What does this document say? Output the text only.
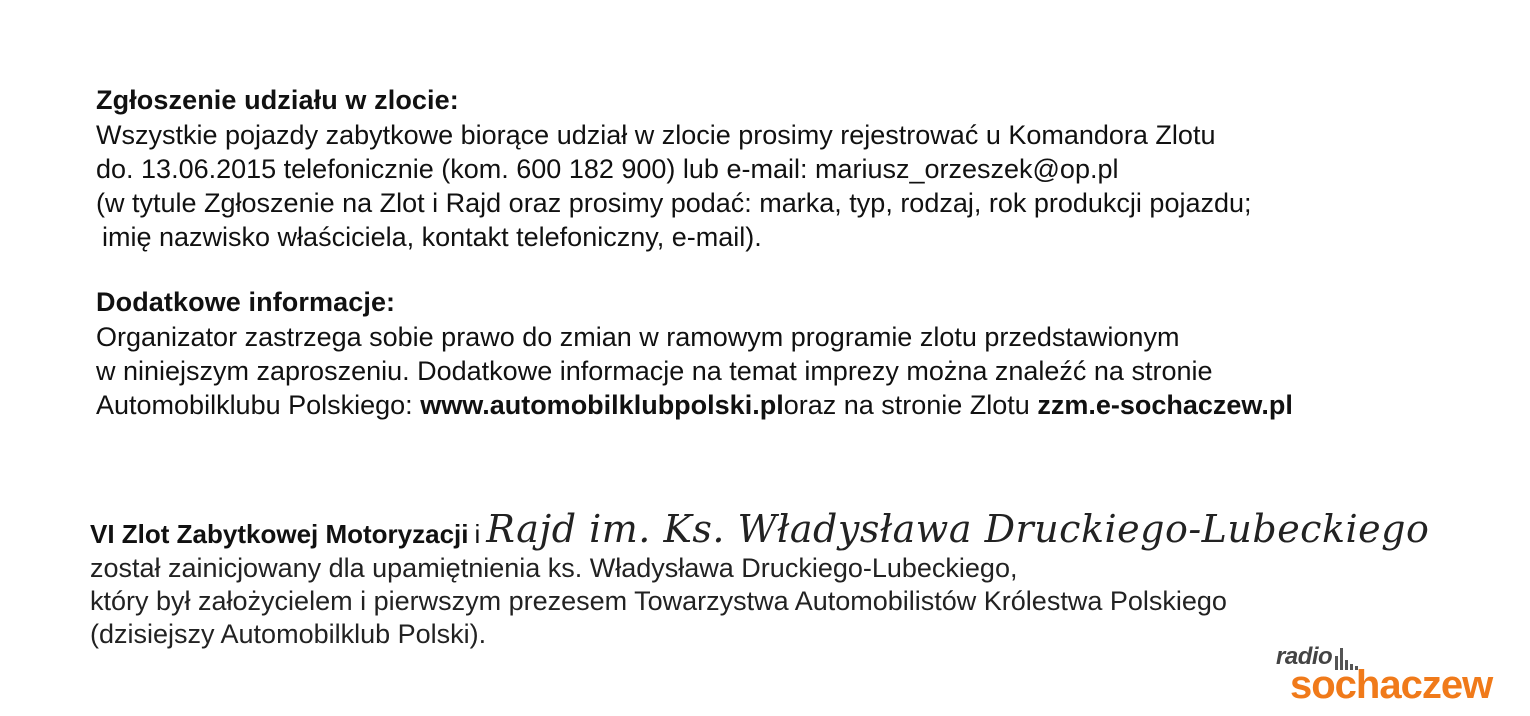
Zgłoszenie udziału w zlocie:

Wszystkie pojazdy zabytkowe biorące udział w zlocie prosimy rejestrować u Komandora Zlotu

do. 13.06.2015 telefonicznie (kom. 600 182 900) lub e-mail: mariusz_orzeszek@op.pl

(w tytule Zgłoszenie na Zlot i Rajd oraz prosimy podać: marka, typ, rodzaj, rok produkcji pojazdu;

imię nazwisko właściciela, kontakt telefoniczny, e-mail).

Dodatkowe informacje:

Organizator zastrzega sobie prawo do zmian w ramowym programie zlotu przedstawionym

w niniejszym zaproszeniu. Dodatkowe informacje na temat imprezy można znaleźć na stronie

Automobilklubu Polskiego: www.automobilklubpolski.ploraz na stronie Zlotu zzm.e-sochaczew.pl

VI Zlot Zabytkowej Motoryzacji i Rajd im. Ks. Władysława Druckiego-Lubeckiego

został zainicjowany dla upamiętnienia ks. Władysława Druckiego-Lubeckiego,

który był założycielem i pierwszym prezesem Towarzystwa Automobilistów Królestwa Polskiego

(dzisiejszy Automobilklub Polski).

radio
sochaczew
